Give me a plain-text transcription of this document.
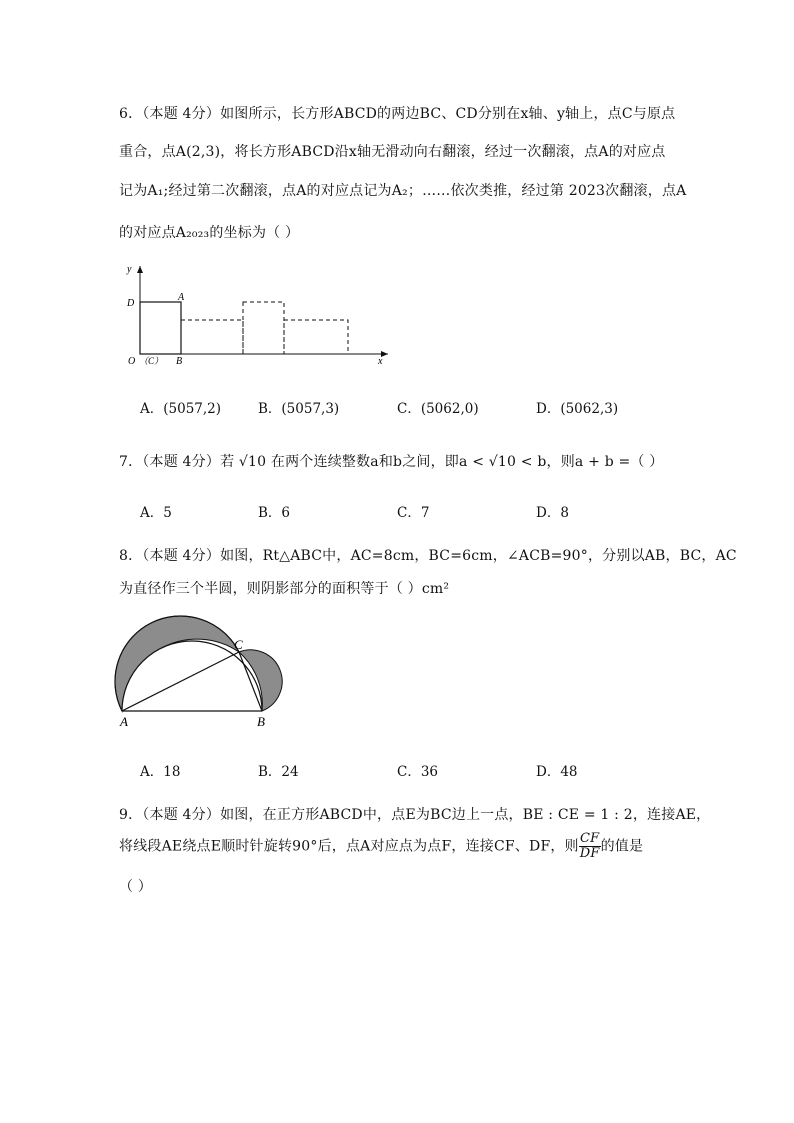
6．（本题 4分）如图所示，长方形ABCD的两边BC、CD分别在x轴、y轴上，点C与原点
重合，点A(2,3)，将长方形ABCD沿x轴无滑动向右翻滚，经过一次翻滚，点A的对应点
记为A₁;经过第二次翻滚，点A的对应点记为A₂；……依次类推，经过第 2023次翻滚，点A
的对应点A₂₀₂₃的坐标为（ ）
y
x
D
A
O （C） B
A．(5057,2)	B．(5057,3)	C．(5062,0)	D．(5062,3)
7．（本题 4分）若 √10 在两个连续整数a和b之间，即a < √10 < b，则a + b =（ ）
A．5	B．6	C．7	D．8
8．（本题 4分）如图，Rt△ABC中，AC=8cm，BC=6cm，∠ACB=90°，分别以AB，BC，AC
为直径作三个半圆，则阴影部分的面积等于（ ）cm²
A	B
C
A．18	B．24	C．36	D．48
9．（本题 4分）如图，在正方形ABCD中，点E为BC边上一点，BE : CE = 1 : 2，连接AE，
将线段AE绕点E顺时针旋转90°后，点A对应点为点F，连接CF、DF，则 $\frac{CF}{DF}$ 的值是
（ ）
